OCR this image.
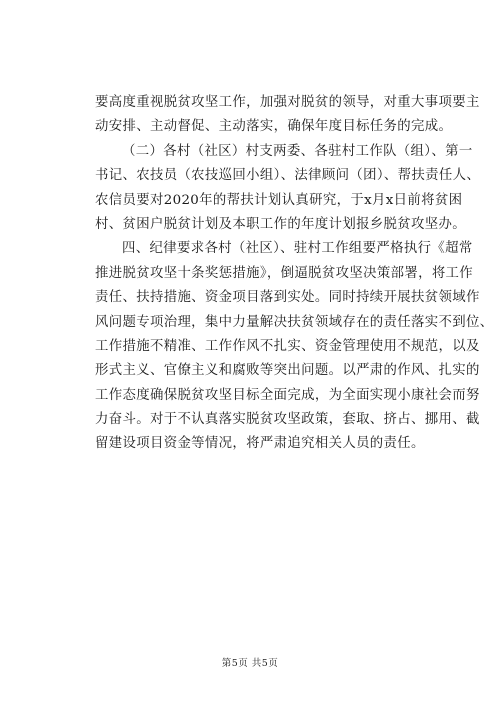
要高度重视脱贫攻坚工作，加强对脱贫的领导，对重大事项要主
动安排、主动督促、主动落实，确保年度目标任务的完成。
（二）各村（社区）村支两委、各驻村工作队（组）、第一
书记、农技员（农技巡回小组）、法律顾问（团）、帮扶责任人、
农信员要对2020年的帮扶计划认真研究，于x月x日前将贫困
村、贫困户脱贫计划及本职工作的年度计划报乡脱贫攻坚办。
四、纪律要求各村（社区）、驻村工作组要严格执行《超常
推进脱贫攻坚十条奖惩措施》，倒逼脱贫攻坚决策部署，将工作
责任、扶持措施、资金项目落到实处。同时持续开展扶贫领域作
风问题专项治理，集中力量解决扶贫领域存在的责任落实不到位、
工作措施不精准、工作作风不扎实、资金管理使用不规范，以及
形式主义、官僚主义和腐败等突出问题。以严肃的作风、扎实的
工作态度确保脱贫攻坚目标全面完成，为全面实现小康社会而努
力奋斗。对于不认真落实脱贫攻坚政策，套取、挤占、挪用、截
留建设项目资金等情况，将严肃追究相关人员的责任。
第5页 共5页
